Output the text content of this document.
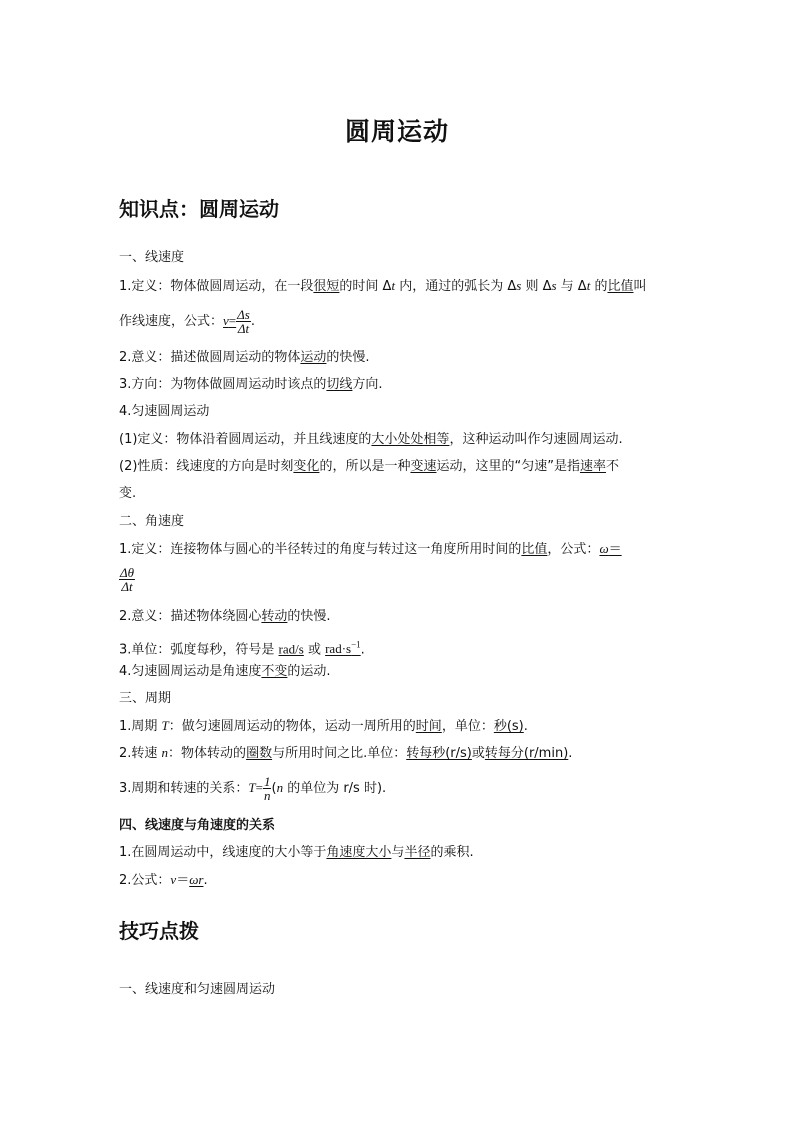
圆周运动
知识点：圆周运动
一、线速度
1.定义：物体做圆周运动，在一段很短的时间 Δt 内，通过的弧长为 Δs 则 Δs 与 Δt 的比值叫
作线速度，公式：$v= \frac{\Delta s}{\Delta t}$ .
2.意义：描述做圆周运动的物体运动的快慢.
3.方向：为物体做圆周运动时该点的切线方向.
4.匀速圆周运动
(1)定义：物体沿着圆周运动，并且线速度的大小处处相等，这种运动叫作匀速圆周运动.
(2)性质：线速度的方向是时刻变化的，所以是一种变速运动，这里的“匀速”是指速率不
变.
二、角速度
1.定义：连接物体与圆心的半径转过的角度与转过这一角度所用时间的比值，公式：ω＝
$\frac{\Delta\theta}{\Delta t}$
2.意义：描述物体绕圆心转动的快慢.
3.单位：弧度每秒，符号是 rad/s 或 $rad\cdot s^{-1}$.
4.匀速圆周运动是角速度不变的运动.
三、周期
1.周期 T：做匀速圆周运动的物体，运动一周所用的时间，单位：秒(s).
2.转速 n：物体转动的圈数与所用时间之比.单位：转每秒(r/s)或转每分(r/min).
3.周期和转速的关系：$T= \frac{1}{n} (n$ 的单位为 r/s 时).
四、线速度与角速度的关系
1.在圆周运动中，线速度的大小等于角速度大小与半径的乘积.
2.公式：v＝ωr.
技巧点拨
一、线速度和匀速圆周运动
